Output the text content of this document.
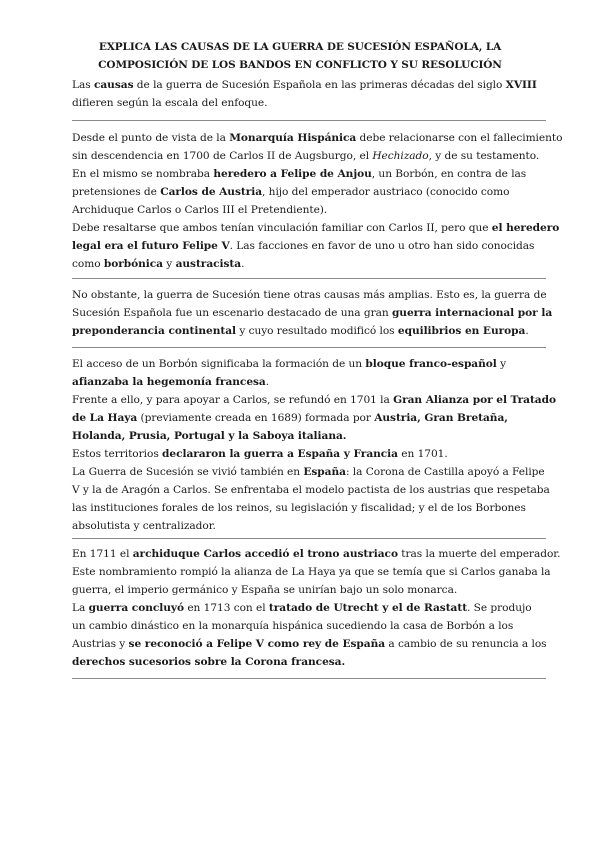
EXPLICA LAS CAUSAS DE LA GUERRA DE SUCESIÓN ESPAÑOLA, LA
COMPOSICIÓN DE LOS BANDOS EN CONFLICTO Y SU RESOLUCIÓN
Las causas de la guerra de Sucesión Española en las primeras décadas del siglo XVIII
difieren según la escala del enfoque.
Desde el punto de vista de la Monarquía Hispánica debe relacionarse con el fallecimiento
sin descendencia en 1700 de Carlos II de Augsburgo, el Hechizado, y de su testamento.
En el mismo se nombraba heredero a Felipe de Anjou, un Borbón, en contra de las
pretensiones de Carlos de Austria, hijo del emperador austriaco (conocido como
Archiduque Carlos o Carlos III el Pretendiente).
Debe resaltarse que ambos tenían vinculación familiar con Carlos II, pero que el heredero
legal era el futuro Felipe V. Las facciones en favor de uno u otro han sido conocidas
como borbónica y austracista.
No obstante, la guerra de Sucesión tiene otras causas más amplias. Esto es, la guerra de
Sucesión Española fue un escenario destacado de una gran guerra internacional por la
preponderancia continental y cuyo resultado modificó los equilibrios en Europa.
El acceso de un Borbón significaba la formación de un bloque franco-español y
afianzaba la hegemonía francesa.
Frente a ello, y para apoyar a Carlos, se refundó en 1701 la Gran Alianza por el Tratado
de La Haya (previamente creada en 1689) formada por Austria, Gran Bretaña,
Holanda, Prusia, Portugal y la Saboya italiana.
Estos territorios declararon la guerra a España y Francia en 1701.
La Guerra de Sucesión se vivió también en España: la Corona de Castilla apoyó a Felipe
V y la de Aragón a Carlos. Se enfrentaba el modelo pactista de los austrias que respetaba
las instituciones forales de los reinos, su legislación y fiscalidad; y el de los Borbones
absolutista y centralizador.
En 1711 el archiduque Carlos accedió el trono austriaco tras la muerte del emperador.
Este nombramiento rompió la alianza de La Haya ya que se temía que si Carlos ganaba la
guerra, el imperio germánico y España se unirían bajo un solo monarca.
La guerra concluyó en 1713 con el tratado de Utrecht y el de Rastatt. Se produjo
un cambio dinástico en la monarquía hispánica sucediendo la casa de Borbón a los
Austrias y se reconoció a Felipe V como rey de España a cambio de su renuncia a los
derechos sucesorios sobre la Corona francesa.
